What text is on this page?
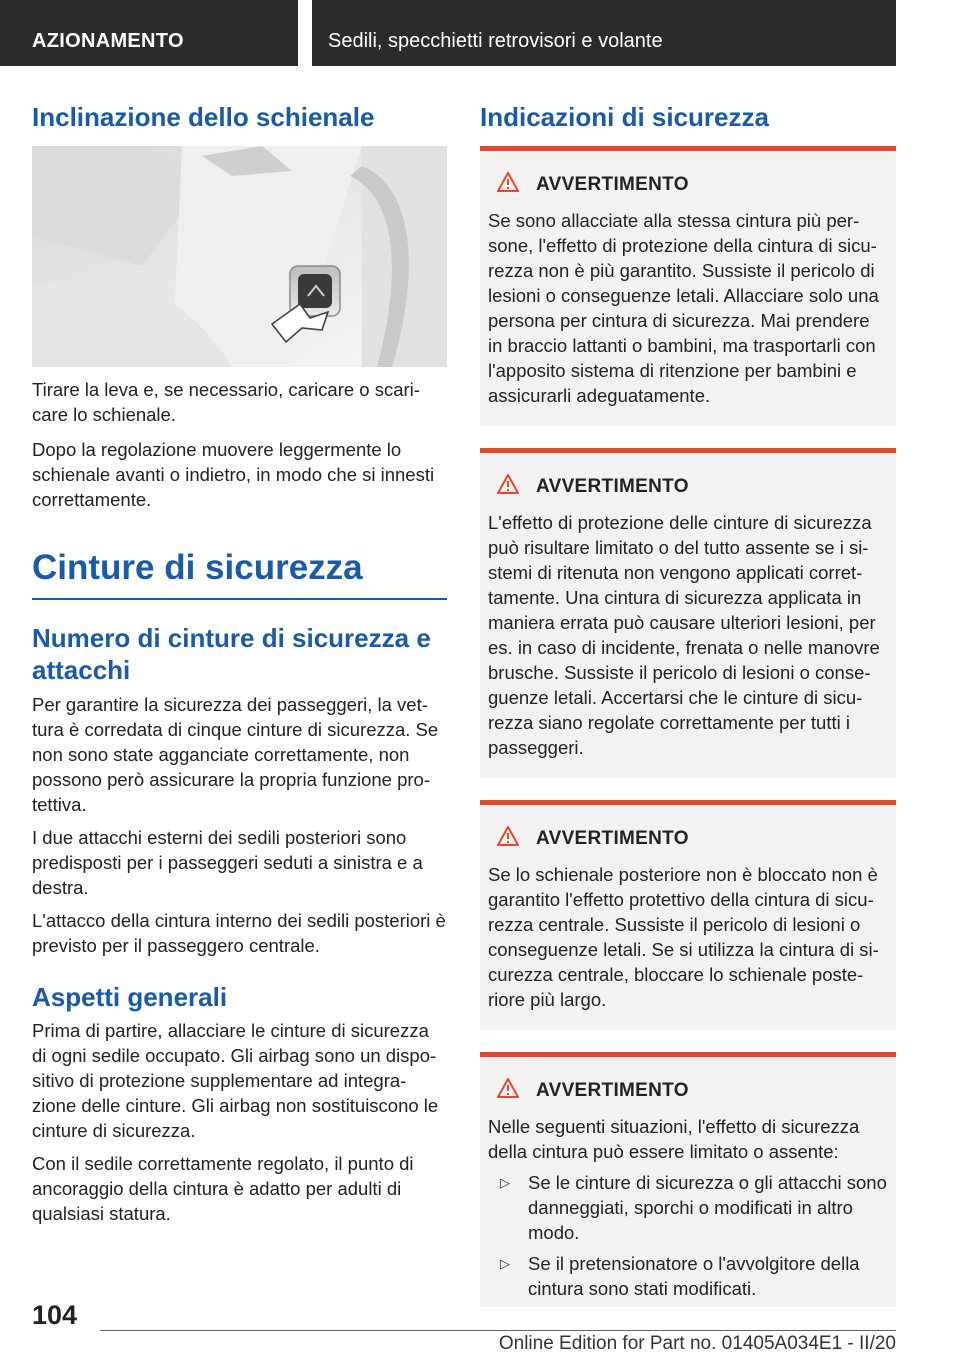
AZIONAMENTO	Sedili, specchietti retrovisori e volante
Inclinazione dello schienale

Tirare la leva e, se necessario, caricare o scari-care lo schienale.

Dopo la regolazione muovere leggermente lo schienale avanti o indietro, in modo che si innesti correttamente.

Cinture di sicurezza
Numero di cinture di sicurezza e attacchi

Per garantire la sicurezza dei passeggeri, la vet-tura è corredata di cinque cinture di sicurezza. Se non sono state agganciate correttamente, non possono però assicurare la propria funzione pro-tettiva.

I due attacchi esterni dei sedili posteriori sono predisposti per i passeggeri seduti a sinistra e a destra.

L'attacco della cintura interno dei sedili posteriori è previsto per il passeggero centrale.

Aspetti generali

Prima di partire, allacciare le cinture di sicurezza di ogni sedile occupato. Gli airbag sono un dispo-sitivo di protezione supplementare ad integra-zione delle cinture. Gli airbag non sostituiscono le cinture di sicurezza.

Con il sedile correttamente regolato, il punto di ancoraggio della cintura è adatto per adulti di qualsiasi statura.

Indicazioni di sicurezza
AVVERTIMENTO

Se sono allacciate alla stessa cintura più per-sone, l'effetto di protezione della cintura di sicu-rezza non è più garantito. Sussiste il pericolo di lesioni o conseguenze letali. Allacciare solo una persona per cintura di sicurezza. Mai prendere in braccio lattanti o bambini, ma trasportarli con l'apposito sistema di ritenzione per bambini e assicurarli adeguatamente.

AVVERTIMENTO

L'effetto di protezione delle cinture di sicurezza può risultare limitato o del tutto assente se i si-stemi di ritenuta non vengono applicati corret-tamente. Una cintura di sicurezza applicata in maniera errata può causare ulteriori lesioni, per es. in caso di incidente, frenata o nelle manovre brusche. Sussiste il pericolo di lesioni o conse-guenze letali. Accertarsi che le cinture di sicu-rezza siano regolate correttamente per tutti i passeggeri.

AVVERTIMENTO

Se lo schienale posteriore non è bloccato non è garantito l'effetto protettivo della cintura di sicu-rezza centrale. Sussiste il pericolo di lesioni o conseguenze letali. Se si utilizza la cintura di si-curezza centrale, bloccare lo schienale poste-riore più largo.

AVVERTIMENTO

Nelle seguenti situazioni, l'effetto di sicurezza della cintura può essere limitato o assente:

▷ Se le cinture di sicurezza o gli attacchi sono danneggiati, sporchi o modificati in altro modo.

▷ Se il pretensionatore o l'avvolgitore della cintura sono stati modificati.

104
Online Edition for Part no. 01405A034E1 - II/20
